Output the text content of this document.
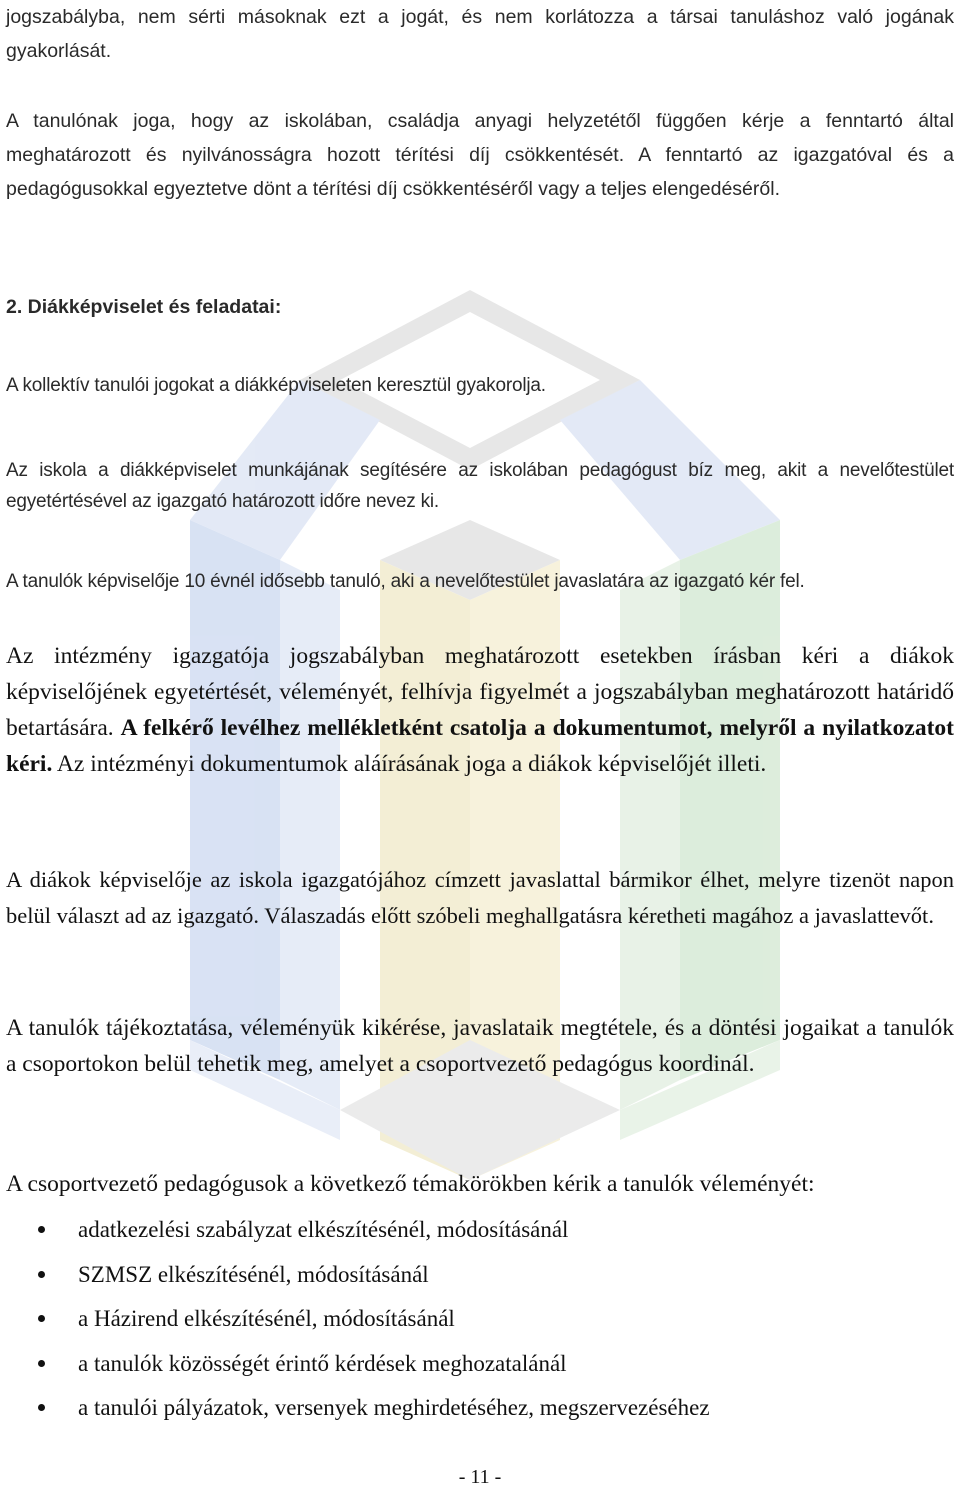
jogszabályba, nem sérti másoknak ezt a jogát, és nem korlátozza a társai tanuláshoz való jogának gyakorlását.

A tanulónak joga, hogy az iskolában, családja anyagi helyzetétől függően kérje a fenntartó által meghatározott és nyilvánosságra hozott térítési díj csökkentését. A fenntartó az igazgatóval és a pedagógusokkal egyeztetve dönt a térítési díj csökkentéséről vagy a teljes elengedéséről.

2. Diákképviselet és feladatai:

A kollektív tanulói jogokat a diákképviseleten keresztül gyakorolja.

Az iskola a diákképviselet munkájának segítésére az iskolában pedagógust bíz meg, akit a nevelőtestület egyetértésével az igazgató határozott időre nevez ki.

A tanulók képviselője 10 évnél idősebb tanuló, aki a nevelőtestület javaslatára az igazgató kér fel.

Az intézmény igazgatója jogszabályban meghatározott esetekben írásban kéri a diákok képviselőjének egyetértését, véleményét, felhívja figyelmét a jogszabályban meghatározott határidő betartására. A felkérő levélhez mellékletként csatolja a dokumentumot, melyről a nyilatkozatot kéri. Az intézményi dokumentumok aláírásának joga a diákok képviselőjét illeti.

A diákok képviselője az iskola igazgatójához címzett javaslattal bármikor élhet, melyre tizenöt napon belül választ ad az igazgató. Válaszadás előtt szóbeli meghallgatásra kéretheti magához a javaslattevőt.

A tanulók tájékoztatása, véleményük kikérése, javaslataik megtétele, és a döntési jogaikat a tanulók a csoportokon belül tehetik meg, amelyet a csoportvezető pedagógus koordinál.

A csoportvezető pedagógusok a következő témakörökben kérik a tanulók véleményét:

adatkezelési szabályzat elkészítésénél, módosításánál
SZMSZ elkészítésénél, módosításánál
a Házirend elkészítésénél, módosításánál
a tanulók közösségét érintő kérdések meghozatalánál
a tanulói pályázatok, versenyek meghirdetéséhez, megszervezéséhez

- 11 -
